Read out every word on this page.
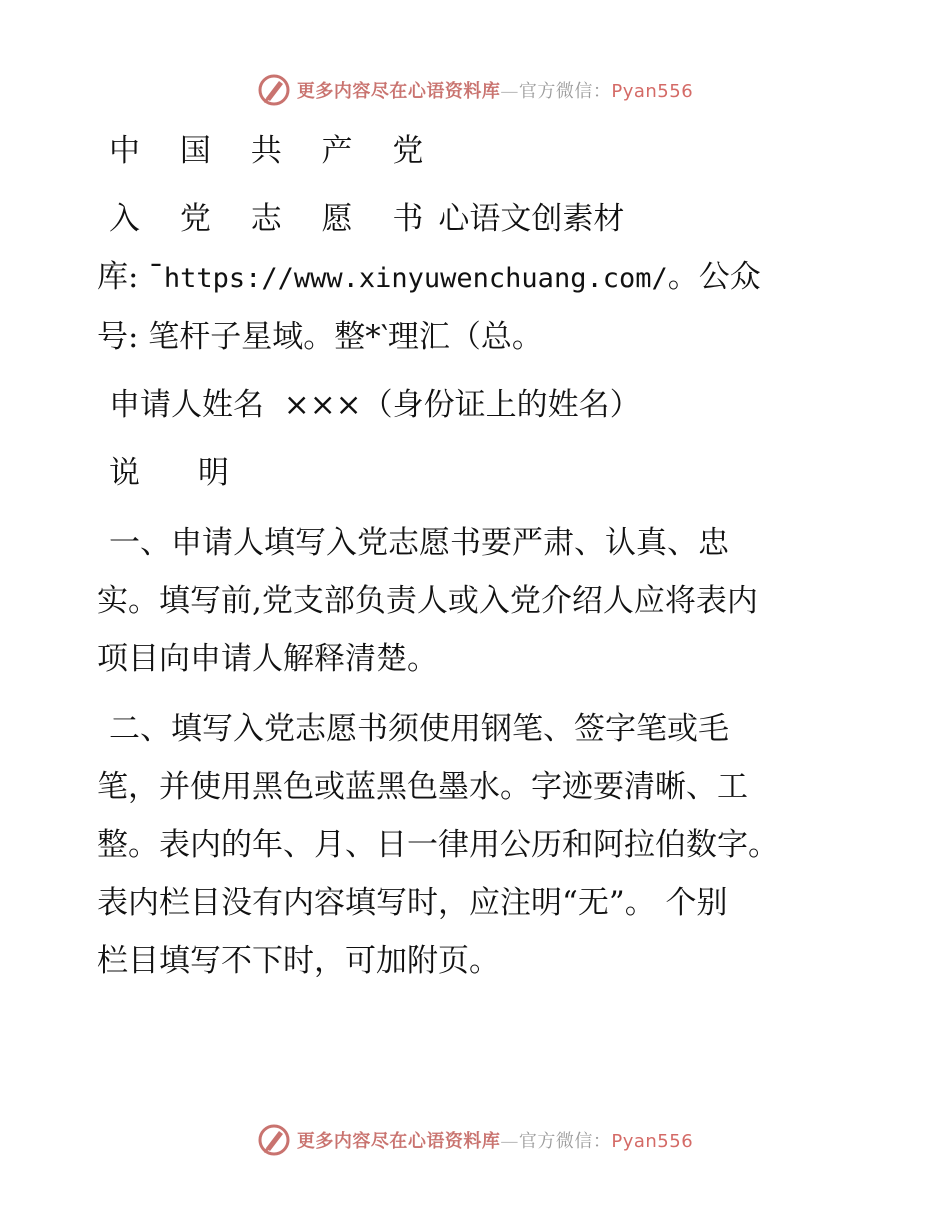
更多内容尽在心语资料库—官方微信：Pyan556
中 国 共 产 党
入 党 志 愿 书心语文创素材
库: ¯https://www.xinyuwenchuang.com/。公众
号: 笔杆子星域。整*‵理汇（总。
申请人姓名 ×××（身份证上的姓名）
说 明
一、申请人填写入党志愿书要严肃、认真、忠
实。填写前,党支部负责人或入党介绍人应将表内
项目向申请人解释清楚。
二、填写入党志愿书须使用钢笔、签字笔或毛
笔，并使用黑色或蓝黑色墨水。字迹要清晰、工
整。表内的年、月、日一律用公历和阿拉伯数字。
表内栏目没有内容填写时，应注明“无”。 个别
栏目填写不下时，可加附页。
更多内容尽在心语资料库—官方微信：Pyan556
